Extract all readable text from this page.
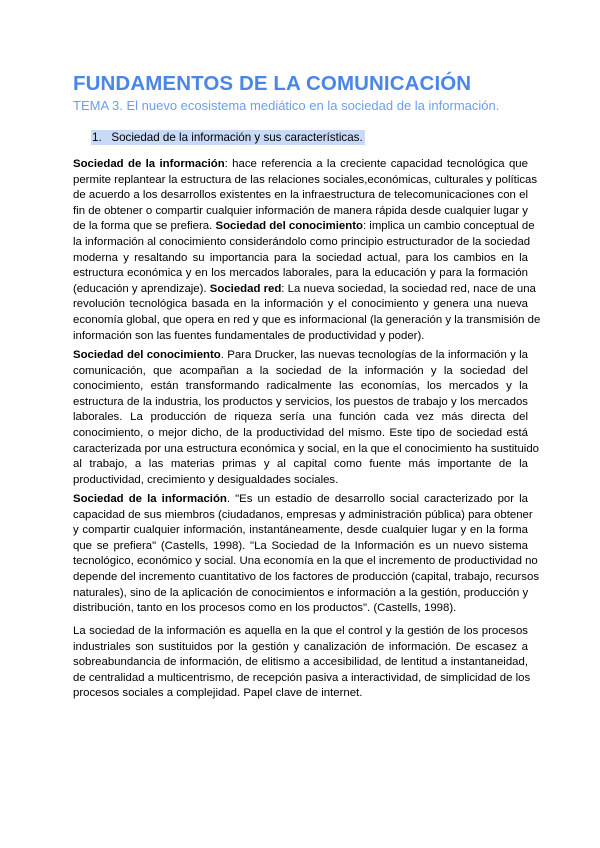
FUNDAMENTOS DE LA COMUNICACIÓN
TEMA 3. El nuevo ecosistema mediático en la sociedad de la información.
1. Sociedad de la información y sus características.
Sociedad de la información: hace referencia a la creciente capacidad tecnológica que
permite replantear la estructura de las relaciones sociales,económicas, culturales y políticas
de acuerdo a los desarrollos existentes en la infraestructura de telecomunicaciones con el
fin de obtener o compartir cualquier información de manera rápida desde cualquier lugar y
de la forma que se prefiera. Sociedad del conocimiento: implica un cambio conceptual de
la información al conocimiento considerándolo como principio estructurador de la sociedad
moderna y resaltando su importancia para la sociedad actual, para los cambios en la
estructura económica y en los mercados laborales, para la educación y para la formación
(educación y aprendizaje). Sociedad red: La nueva sociedad, la sociedad red, nace de una
revolución tecnológica basada en la información y el conocimiento y genera una nueva
economía global, que opera en red y que es informacional (la generación y la transmisión de
información son las fuentes fundamentales de productividad y poder).
Sociedad del conocimiento. Para Drucker, las nuevas tecnologías de la información y la
comunicación, que acompañan a la sociedad de la información y la sociedad del
conocimiento, están transformando radicalmente las economías, los mercados y la
estructura de la industria, los productos y servicios, los puestos de trabajo y los mercados
laborales. La producción de riqueza sería una función cada vez más directa del
conocimiento, o mejor dicho, de la productividad del mismo. Este tipo de sociedad está
caracterizada por una estructura económica y social, en la que el conocimiento ha sustituido
al trabajo, a las materias primas y al capital como fuente más importante de la
productividad, crecimiento y desigualdades sociales.
Sociedad de la información. "Es un estadio de desarrollo social caracterizado por la
capacidad de sus miembros (ciudadanos, empresas y administración pública) para obtener
y compartir cualquier información, instantáneamente, desde cualquier lugar y en la forma
que se prefiera" (Castells, 1998). "La Sociedad de la Información es un nuevo sistema
tecnológico, económico y social. Una economía en la que el incremento de productividad no
depende del incremento cuantitativo de los factores de producción (capital, trabajo, recursos
naturales), sino de la aplicación de conocimientos e información a la gestión, producción y
distribución, tanto en los procesos como en los productos". (Castells, 1998).
La sociedad de la información es aquella en la que el control y la gestión de los procesos
industriales son sustituidos por la gestión y canalización de información. De escasez a
sobreabundancia de información, de elitismo a accesibilidad, de lentitud a instantaneidad,
de centralidad a multicentrismo, de recepción pasiva a interactividad, de simplicidad de los
procesos sociales a complejidad. Papel clave de internet.
